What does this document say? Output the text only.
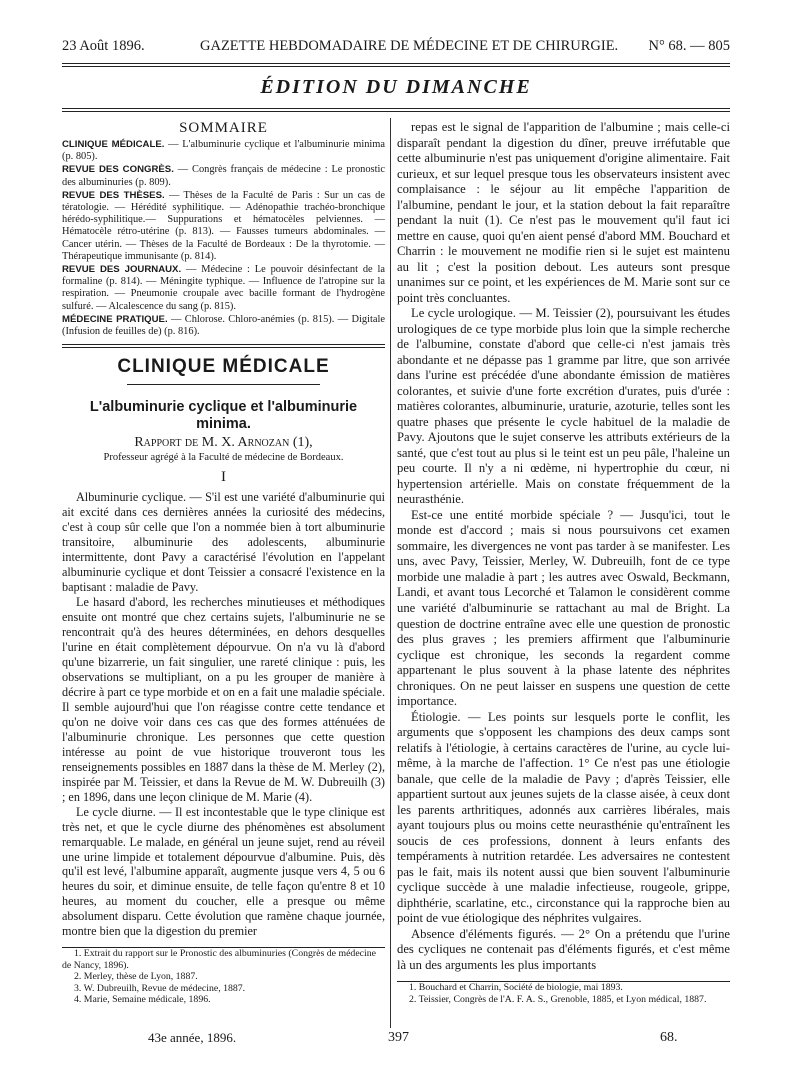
23 Août 1896.	GAZETTE HEBDOMADAIRE DE MÉDECINE ET DE CHIRURGIE. N° 68. — 805
ÉDITION DU DIMANCHE
SOMMAIRE
CLINIQUE MÉDICALE. — L'albuminurie cyclique et l'albuminurie minima (p. 805).
REVUE DES CONGRÈS. — Congrès français de médecine : Le pronostic des albuminuries (p. 809).
REVUE DES THÈSES. — Thèses de la Faculté de Paris : Sur un cas de tératologie. — Hérédité syphilitique. — Adénopathie trachéo-bronchique hérédo-syphilitique.— Suppurations et hématocèles pelviennes. — Hématocèle rétro-utérine (p. 813). — Fausses tumeurs abdominales. — Cancer utérin. — Thèses de la Faculté de Bordeaux : De la thyrotomie. — Thérapeutique immunisante (p. 814).
REVUE DES JOURNAUX. — Médecine : Le pouvoir désinfectant de la formaline (p. 814). — Méningite typhique. — Influence de l'atropine sur la respiration. — Pneumonie croupale avec bacille formant de l'hydrogène sulfuré. — Alcalescence du sang (p. 815).
MÉDECINE PRATIQUE. — Chlorose. Chloro-anémies (p. 815). — Digitale (Infusion de feuilles de) (p. 816).
CLINIQUE MÉDICALE
L'albuminurie cyclique et l'albuminurie minima.
Rapport de M. X. Arnozan (1),
Professeur agrégé à la Faculté de médecine de Bordeaux.
I
Albuminurie cyclique. — S'il est une variété d'albuminurie qui ait excité dans ces dernières années la curiosité des médecins, c'est à coup sûr celle que l'on a nommée bien à tort albuminurie transitoire, albuminurie des adolescents, albuminurie intermittente, dont Pavy a caractérisé l'évolution en l'appelant albuminurie cyclique et dont Teissier a consacré l'existence en la baptisant : maladie de Pavy.
Le hasard d'abord, les recherches minutieuses et méthodiques ensuite ont montré que chez certains sujets, l'albuminurie ne se rencontrait qu'à des heures déterminées, en dehors desquelles l'urine en était complètement dépourvue. On n'a vu là d'abord qu'une bizarrerie, un fait singulier, une rareté clinique : puis, les observations se multipliant, on a pu les grouper de manière à décrire à part ce type morbide et on en a fait une maladie spéciale. Il semble aujourd'hui que l'on réagisse contre cette tendance et qu'on ne doive voir dans ces cas que des formes atténuées de l'albuminurie chronique. Les personnes que cette question intéresse au point de vue historique trouveront tous les renseignements possibles en 1887 dans la thèse de M. Merley (2), inspirée par M. Teissier, et dans la Revue de M. W. Dubreuilh (3) ; en 1896, dans une leçon clinique de M. Marie (4).
Le cycle diurne. — Il est incontestable que le type clinique est très net, et que le cycle diurne des phénomènes est absolument remarquable. Le malade, en général un jeune sujet, rend au réveil une urine limpide et totalement dépourvue d'albumine. Puis, dès qu'il est levé, l'albumine apparaît, augmente jusque vers 4, 5 ou 6 heures du soir, et diminue ensuite, de telle façon qu'entre 8 et 10 heures, au moment du coucher, elle a presque ou même absolument disparu. Cette évolution que ramène chaque journée, montre bien que la digestion du premier
1. Extrait du rapport sur le Pronostic des albuminuries (Congrès de médecine de Nancy, 1896).
2. Merley, thèse de Lyon, 1887.
3. W. Dubreuilh, Revue de médecine, 1887.
4. Marie, Semaine médicale, 1896.
repas est le signal de l'apparition de l'albumine ; mais celle-ci disparaît pendant la digestion du dîner, preuve irréfutable que cette albuminurie n'est pas uniquement d'origine alimentaire. Fait curieux, et sur lequel presque tous les observateurs insistent avec complaisance : le séjour au lit empêche l'apparition de l'albumine, pendant le jour, et la station debout la fait reparaître pendant la nuit (1). Ce n'est pas le mouvement qu'il faut ici mettre en cause, quoi qu'en aient pensé d'abord MM. Bouchard et Charrin : le mouvement ne modifie rien si le sujet est maintenu au lit ; c'est la position debout. Les auteurs sont presque unanimes sur ce point, et les expériences de M. Marie sont sur ce point très concluantes.
Le cycle urologique. — M. Teissier (2), poursuivant les études urologiques de ce type morbide plus loin que la simple recherche de l'albumine, constate d'abord que celle-ci n'est jamais très abondante et ne dépasse pas 1 gramme par litre, que son arrivée dans l'urine est précédée d'une abondante émission de matières colorantes, et suivie d'une forte excrétion d'urates, puis d'urée : matières colorantes, albuminurie, uraturie, azoturie, telles sont les quatre phases que présente le cycle habituel de la maladie de Pavy. Ajoutons que le sujet conserve les attributs extérieurs de la santé, que c'est tout au plus si le teint est un peu pâle, l'haleine un peu courte. Il n'y a ni œdème, ni hypertrophie du cœur, ni hypertension artérielle. Mais on constate fréquemment de la neurasthénie.
Est-ce une entité morbide spéciale ? — Jusqu'ici, tout le monde est d'accord ; mais si nous poursuivons cet examen sommaire, les divergences ne vont pas tarder à se manifester. Les uns, avec Pavy, Teissier, Merley, W. Dubreuilh, font de ce type morbide une maladie à part ; les autres avec Oswald, Beckmann, Landi, et avant tous Lecorché et Talamon le considèrent comme une variété d'albuminurie se rattachant au mal de Bright. La question de doctrine entraîne avec elle une question de pronostic des plus graves ; les premiers affirment que l'albuminurie cyclique est chronique, les seconds la regardent comme appartenant le plus souvent à la phase latente des néphrites chroniques. On ne peut laisser en suspens une question de cette importance.
Étiologie. — Les points sur lesquels porte le conflit, les arguments que s'opposent les champions des deux camps sont relatifs à l'étiologie, à certains caractères de l'urine, au cycle lui-même, à la marche de l'affection. 1° Ce n'est pas une étiologie banale, que celle de la maladie de Pavy ; d'après Teissier, elle appartient surtout aux jeunes sujets de la classe aisée, à ceux dont les parents arthritiques, adonnés aux carrières libérales, mais ayant toujours plus ou moins cette neurasthénie qu'entraînent les soucis de ces professions, donnent à leurs enfants des tempéraments à nutrition retardée. Les adversaires ne contestent pas le fait, mais ils notent aussi que bien souvent l'albuminurie cyclique succède à une maladie infectieuse, rougeole, grippe, diphthérie, scarlatine, etc., circonstance qui la rapproche bien au point de vue étiologique des néphrites vulgaires.
Absence d'éléments figurés. — 2° On a prétendu que l'urine des cycliques ne contenait pas d'éléments figurés, et c'est même là un des arguments les plus importants
1. Bouchard et Charrin, Société de biologie, mai 1893.
2. Teissier, Congrès de l'A. F. A. S., Grenoble, 1885, et Lyon médical, 1887.
43e année, 1896.	397	68.
